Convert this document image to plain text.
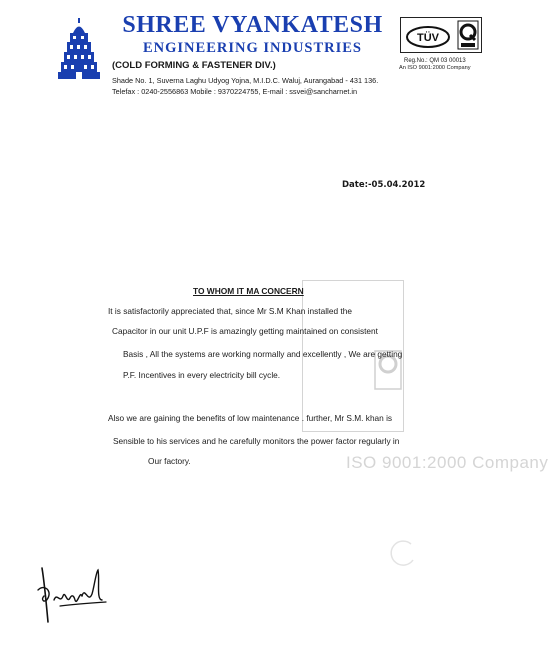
SHREE VYANKATESH
ENGINEERING INDUSTRIES
(COLD FORMING & FASTENER DIV.)
Shade No. 1, Suverna Laghu Udyog Yojna, M.I.D.C. Waluj, Aurangabad - 431 136.
Telefax : 0240-2556863 Mobile : 9370224755, E-mail : ssvei@sancharnet.in
TÜV
Reg.No.: QM 03 00013
An ISO 9001:2000 Company
ISO 9001:2000 Company
Date:-05.04.2012
TO WHOM IT MA CONCERN
It is satisfactorily appreciated that, since Mr S.M Khan installed the
Capacitor in our unit U.P.F is amazingly getting maintained on consistent
Basis , All the systems are working normally and excellently , We are getting
P.F. Incentives in every electricity bill cycle.
Also we are gaining the benefits of low maintenance . further, Mr S.M. khan is
Sensible to his services and he carefully monitors the power factor regularly in
Our factory.
